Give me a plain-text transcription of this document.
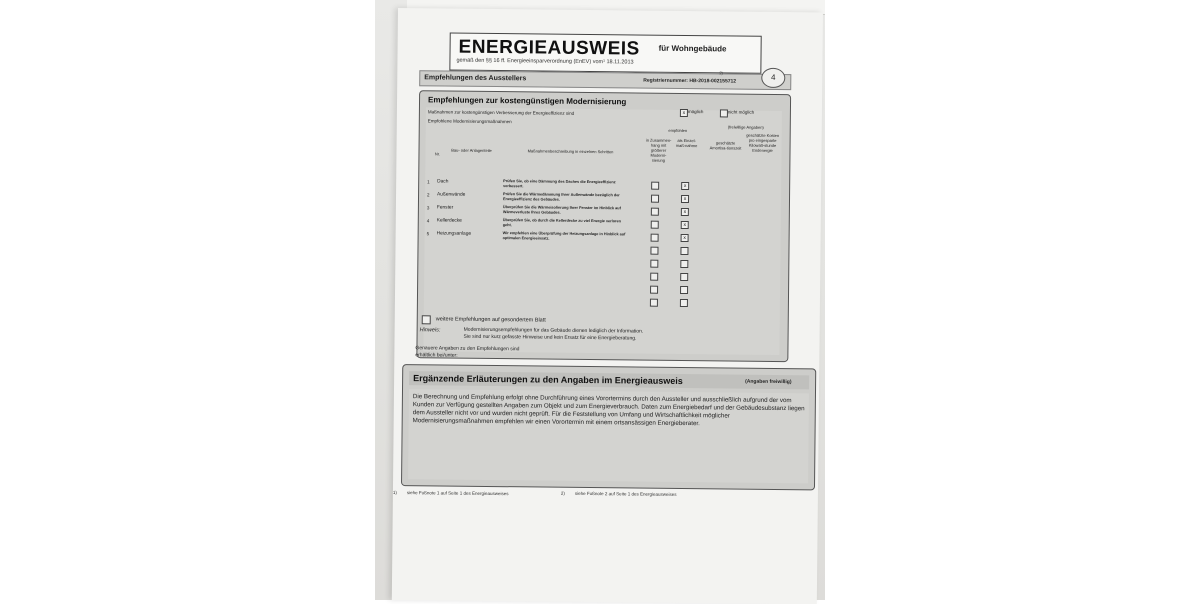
ENERGIEAUSWEIS für Wohngebäude
gemäß den §§ 16 ff. Energieeinsparverordnung (EnEV) vom¹ 18.11.2013
Empfehlungen des Ausstellers
2)
Registriernummer: HB-2018-002155712	4
Empfehlungen zur kostengünstigen Modernisierung
Maßnahmen zur kostengünstigen Verbesserung der Energieeffizienz sind	x möglich	nicht möglich
Empfohlene Modernisierungsmaßnahmen
empfohlen
(freiwillige Angaben)
Nr.
Bau- oder Anlagenteile	Maßnahmenbeschreibung in einzelnen Schritten
in Zusammen-hang mit größerer Moderni-sierung
als Einzel-maß-nahme	geschätzte Amortisa-tionszeit
geschätzte Kosten pro eingesparte Kilowatt-stunde Endenergie
1 Dach	Prüfen Sie, ob eine Dämmung des Daches die Energieeffizienz verbessert.	x
2 Außenwände	Prüfen Sie die Wärmedämmung Ihrer Außenwände bezüglich der Energieeffizienz des Gebäudes.	x
3 Fenster	Überprüfen Sie die Wärmeisolierung Ihrer Fenster im Hinblick auf Wärmeverluste Ihres Gebäudes.	x
4 Kellerdecke	Überprüfen Sie, ob durch die Kellerdecke zu viel Energie verloren geht.	x
5 Heizungsanlage	Wir empfehlen eine Überprüfung der Heizungsanlage in Hinblick auf optimalen Energieeinsatz.	x
weitere Empfehlungen auf gesondertem Blatt
Hinweis:	Modernisierungsempfehlungen für das Gebäude dienen lediglich der Information.
Sie sind nur kurz gefasste Hinweise und kein Ersatz für eine Energieberatung.
Genauere Angaben zu den Empfehlungen sind
erhältlich bei/unter:
Ergänzende Erläuterungen zu den Angaben im Energieausweis	(Angaben freiwillig)
Die Berechnung und Empfehlung erfolgt ohne Durchführung eines Vorortermins durch den Aussteller und ausschließlich aufgrund der vom Kunden zur Verfügung gestellten Angaben zum Objekt und zum Energieverbrauch. Daten zum Energiebedarf und der Gebäudesubstanz liegen dem Aussteller nicht vor und wurden nicht geprüft. Für die Feststellung von Umfang und Wirtschaftlichkeit möglicher Modernisierungsmaßnahmen empfehlen wir einen Vorortermin mit einem ortsansässigen Energieberater.
1) siehe Fußnote 1 auf Seite 1 des Energieausweises	2) siehe Fußnote 2 auf Seite 1 des Energieausweises
